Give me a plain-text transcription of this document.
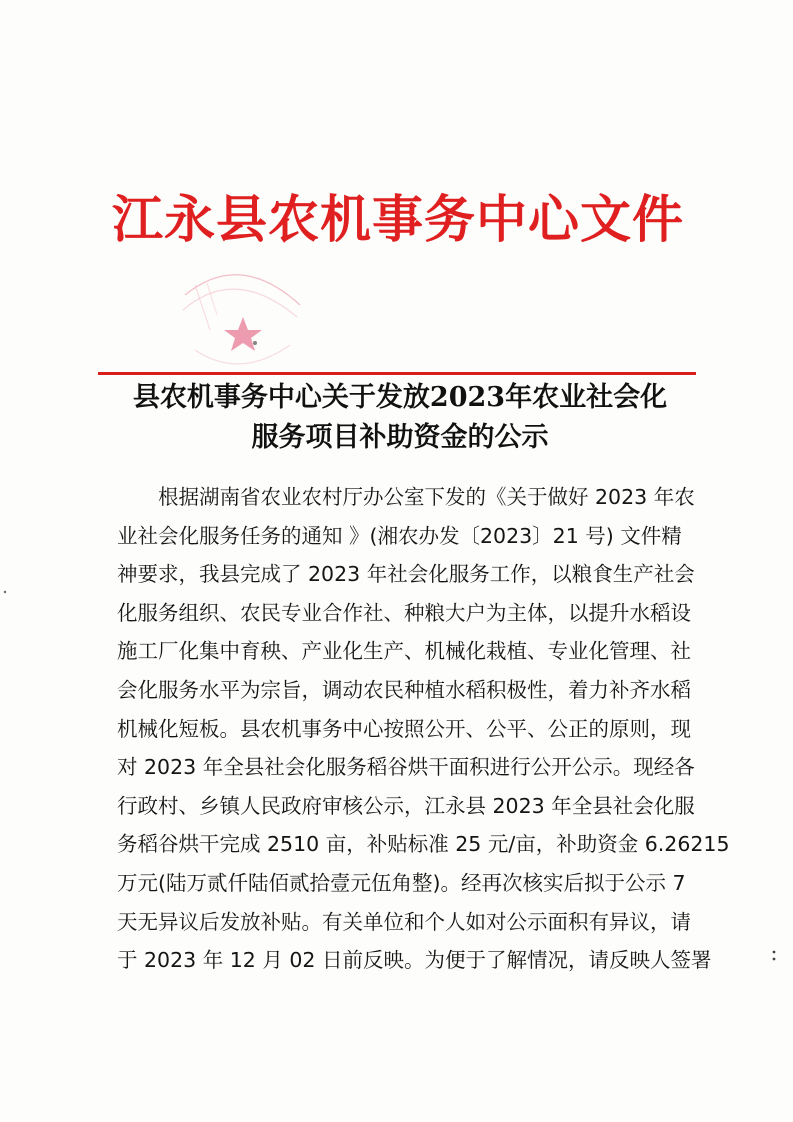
江永县农机事务中心文件
县农机事务中心关于发放2023年农业社会化
服务项目补助资金的公示
根据湖南省农业农村厅办公室下发的《关于做好 2023 年农
业社会化服务任务的通知 》(湘农办发〔2023〕21 号) 文件精
神要求，我县完成了 2023 年社会化服务工作，以粮食生产社会
化服务组织、农民专业合作社、种粮大户为主体，以提升水稻设
施工厂化集中育秧、产业化生产、机械化栽植、专业化管理、社
会化服务水平为宗旨，调动农民种植水稻积极性，着力补齐水稻
机械化短板。县农机事务中心按照公开、公平、公正的原则，现
对 2023 年全县社会化服务稻谷烘干面积进行公开公示。现经各
行政村、乡镇人民政府审核公示，江永县 2023 年全县社会化服
务稻谷烘干完成 2510 亩，补贴标准 25 元/亩，补助资金 6.26215
万元(陆万贰仟陆佰贰拾壹元伍角整)。经再次核实后拟于公示 7
天无异议后发放补贴。有关单位和个人如对公示面积有异议，请
于 2023 年 12 月 02 日前反映。为便于了解情况，请反映人签署
